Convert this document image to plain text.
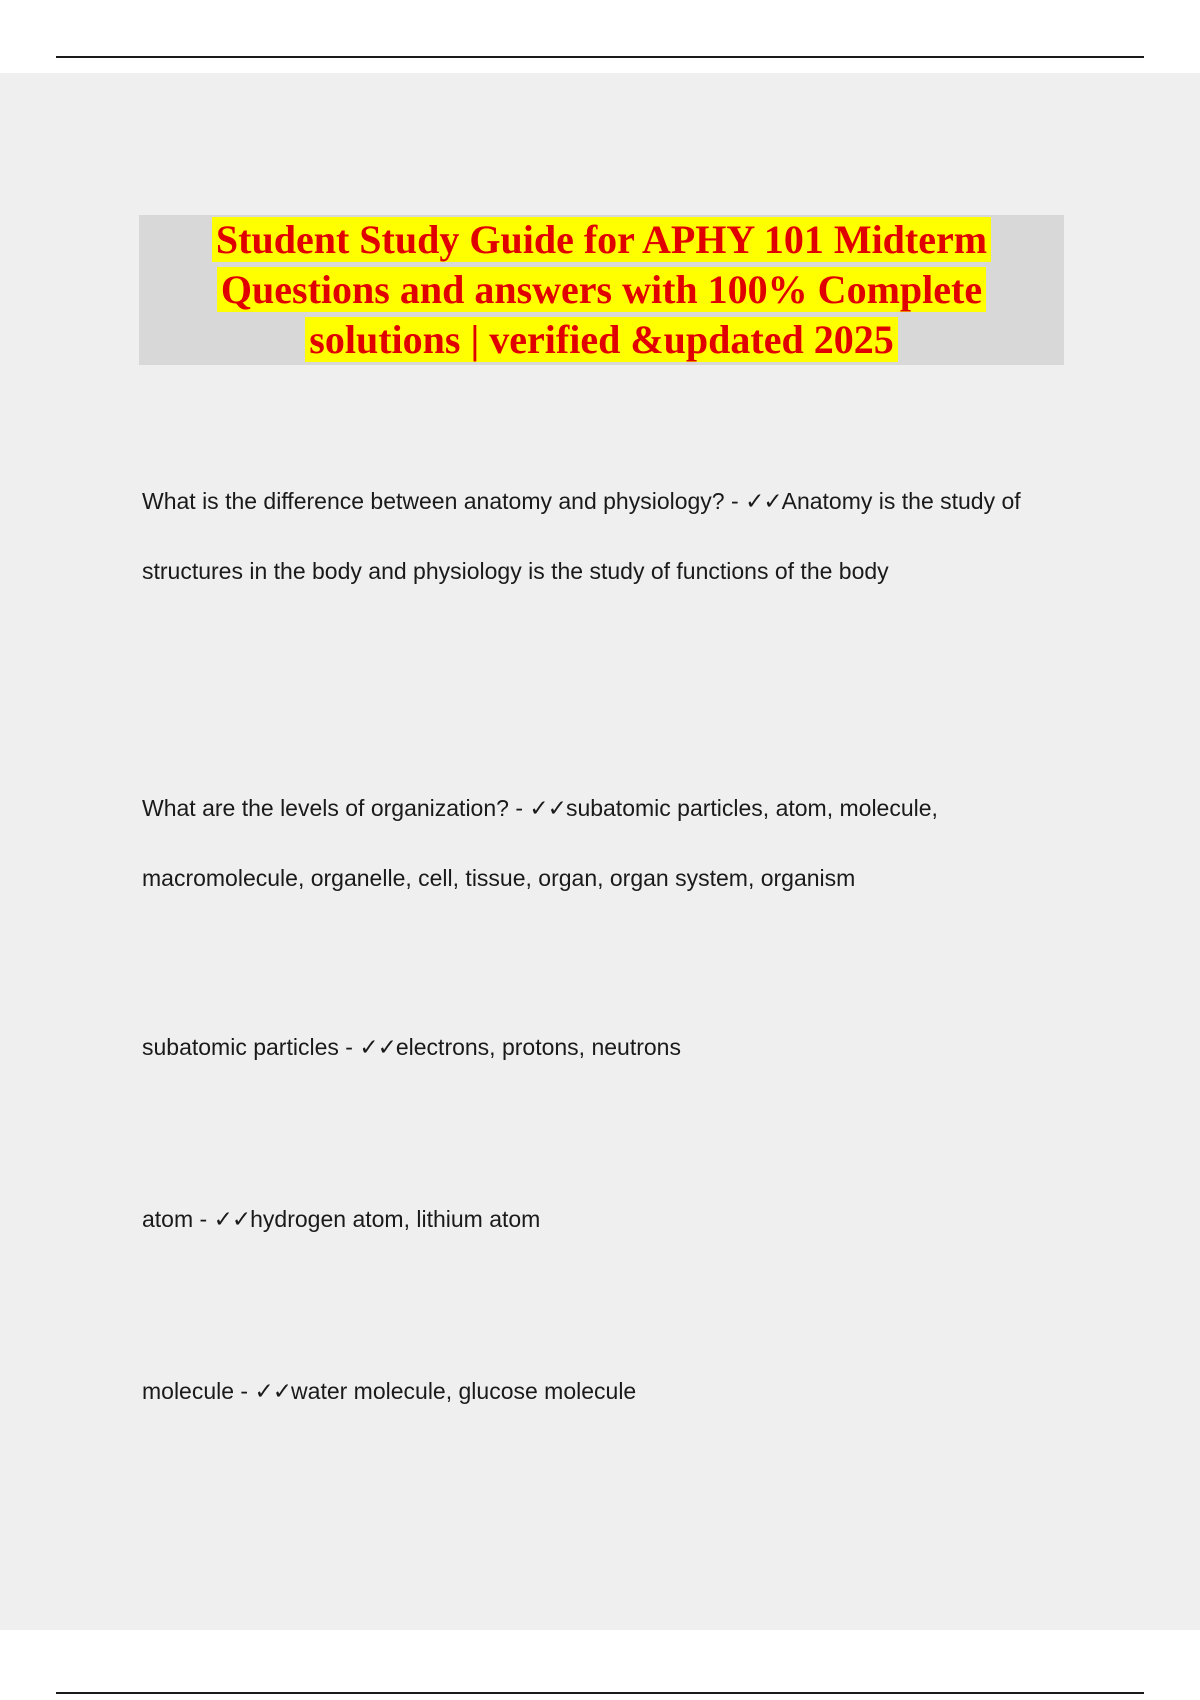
Student Study Guide for APHY 101 Midterm Questions and answers with 100% Complete solutions | verified &updated 2025

What is the difference between anatomy and physiology? - ✓✓Anatomy is the study of structures in the body and physiology is the study of functions of the body

What are the levels of organization? - ✓✓subatomic particles, atom, molecule, macromolecule, organelle, cell, tissue, organ, organ system, organism

subatomic particles - ✓✓electrons, protons, neutrons

atom - ✓✓hydrogen atom, lithium atom

molecule - ✓✓water molecule, glucose molecule
